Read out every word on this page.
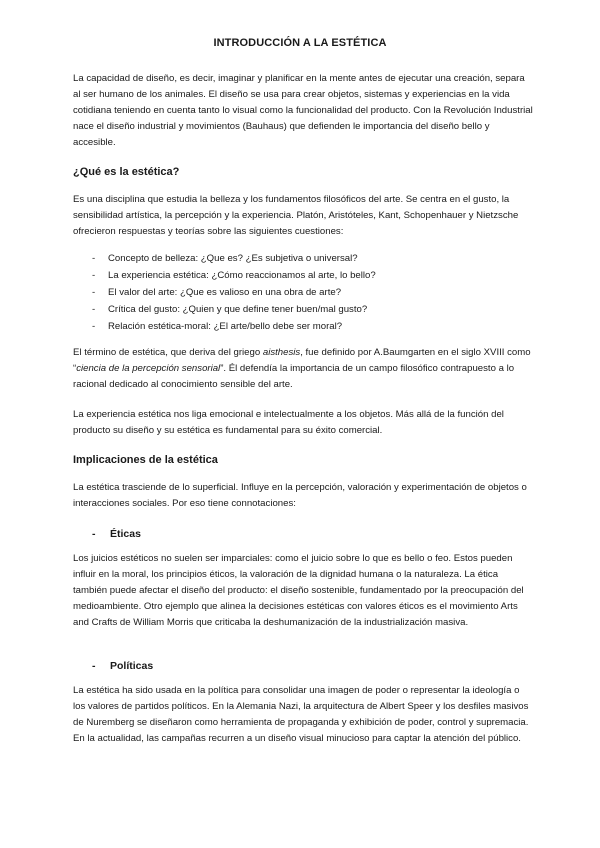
INTRODUCCIÓN A LA ESTÉTICA

La capacidad de diseño, es decir, imaginar y planificar en la mente antes de ejecutar una creación, separa al ser humano de los animales. El diseño se usa para crear objetos, sistemas y experiencias en la vida cotidiana teniendo en cuenta tanto lo visual como la funcionalidad del producto. Con la Revolución Industrial nace el diseño industrial y movimientos (Bauhaus) que defienden le importancia del diseño bello y accesible.

¿Qué es la estética?

Es una disciplina que estudia la belleza y los fundamentos filosóficos del arte. Se centra en el gusto, la sensibilidad artística, la percepción y la experiencia. Platón, Aristóteles, Kant, Schopenhauer y Nietzsche ofrecieron respuestas y teorías sobre las siguientes cuestiones:

- Concepto de belleza: ¿Que es? ¿Es subjetiva o universal?
- La experiencia estética: ¿Cómo reaccionamos al arte, lo bello?
- El valor del arte: ¿Que es valioso en una obra de arte?
- Crítica del gusto: ¿Quien y que define tener buen/mal gusto?
- Relación estética-moral: ¿El arte/bello debe ser moral?

El término de estética, que deriva del griego aisthesis, fue definido por A.Baumgarten en el siglo XVIII como “ciencia de la percepción sensorial”. Él defendía la importancia de un campo filosófico contrapuesto a lo racional dedicado al conocimiento sensible del arte.

La experiencia estética nos liga emocional e intelectualmente a los objetos. Más allá de la función del producto su diseño y su estética es fundamental para su éxito comercial.

Implicaciones de la estética

La estética trasciende de lo superficial. Influye en la percepción, valoración y experimentación de objetos o interacciones sociales. Por eso tiene connotaciones:

- Éticas

Los juicios estéticos no suelen ser imparciales: como el juicio sobre lo que es bello o feo. Estos pueden influir en la moral, los principios éticos, la valoración de la dignidad humana o la naturaleza. La ética también puede afectar el diseño del producto: el diseño sostenible, fundamentado por la preocupación del medioambiente. Otro ejemplo que alinea la decisiones estéticas con valores éticos es el movimiento Arts and Crafts de William Morris que criticaba la deshumanización de la industrialización masiva.

- Políticas

La estética ha sido usada en la política para consolidar una imagen de poder o representar la ideología o los valores de partidos políticos. En la Alemania Nazi, la arquitectura de Albert Speer y los desfiles masivos de Nuremberg se diseñaron como herramienta de propaganda y exhibición de poder, control y supremacia. En la actualidad, las campañas recurren a un diseño visual minucioso para captar la atención del público.
